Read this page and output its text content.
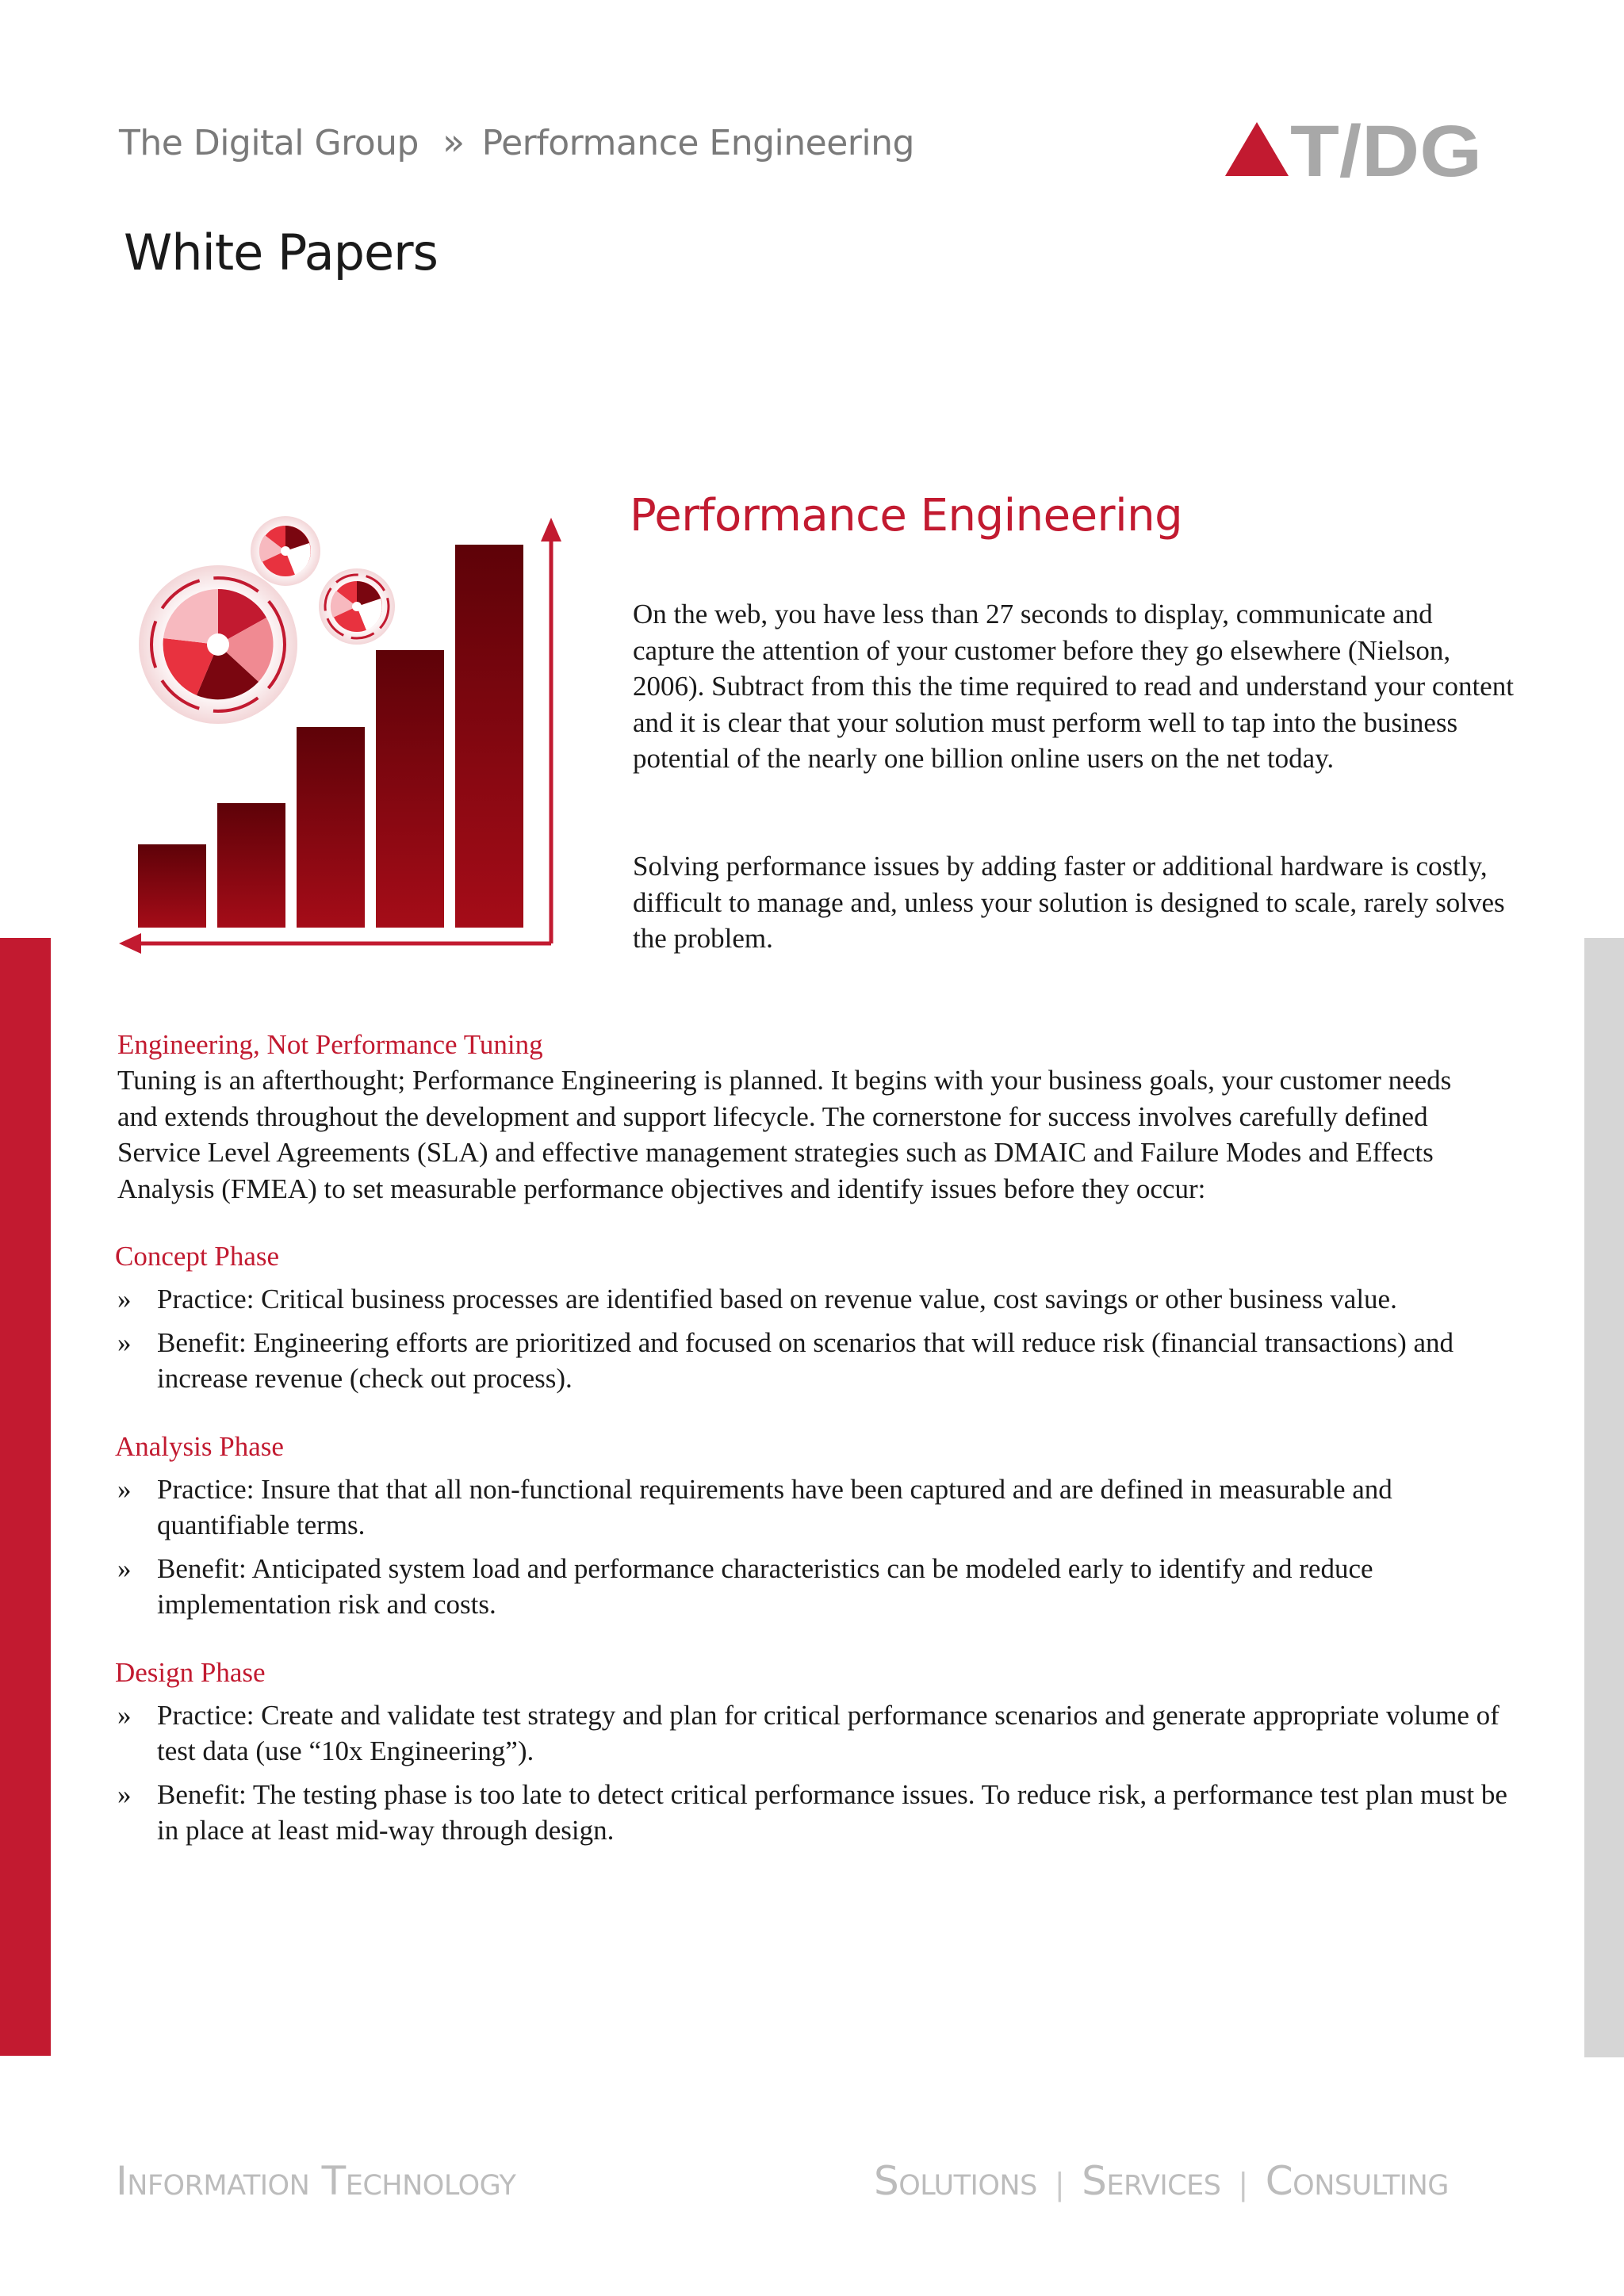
The Digital Group » Performance Engineering	T/DG
White Papers
Performance Engineering

On the web, you have less than 27 seconds to display, communicate and capture the attention of your customer before they go elsewhere (Nielson, 2006). Subtract from this the time required to read and understand your content and it is clear that your solution must perform well to tap into the business potential of the nearly one billion online users on the net today.

Solving performance issues by adding faster or additional hardware is costly, difficult to manage and, unless your solution is designed to scale, rarely solves the problem.

Engineering, Not Performance Tuning

Tuning is an afterthought; Performance Engineering is planned. It begins with your business goals, your customer needs and extends throughout the development and support lifecycle. The cornerstone for success involves carefully defined Service Level Agreements (SLA) and effective management strategies such as DMAIC and Failure Modes and Effects Analysis (FMEA) to set measurable performance objectives and identify issues before they occur:

Concept Phase

» Practice: Critical business processes are identified based on revenue value, cost savings or other business value.
» Benefit: Engineering efforts are prioritized and focused on scenarios that will reduce risk (financial transactions) and increase revenue (check out process).

Analysis Phase

» Practice: Insure that that all non-functional requirements have been captured and are defined in measurable and quantifiable terms.
» Benefit: Anticipated system load and performance characteristics can be modeled early to identify and reduce implementation risk and costs.

Design Phase

» Practice: Create and validate test strategy and plan for critical performance scenarios and generate appropriate volume of test data (use “10x Engineering”).
» Benefit: The testing phase is too late to detect critical performance issues. To reduce risk, a performance test plan must be in place at least mid-way through design.
Information Technology	Solutions | Services | Consulting
